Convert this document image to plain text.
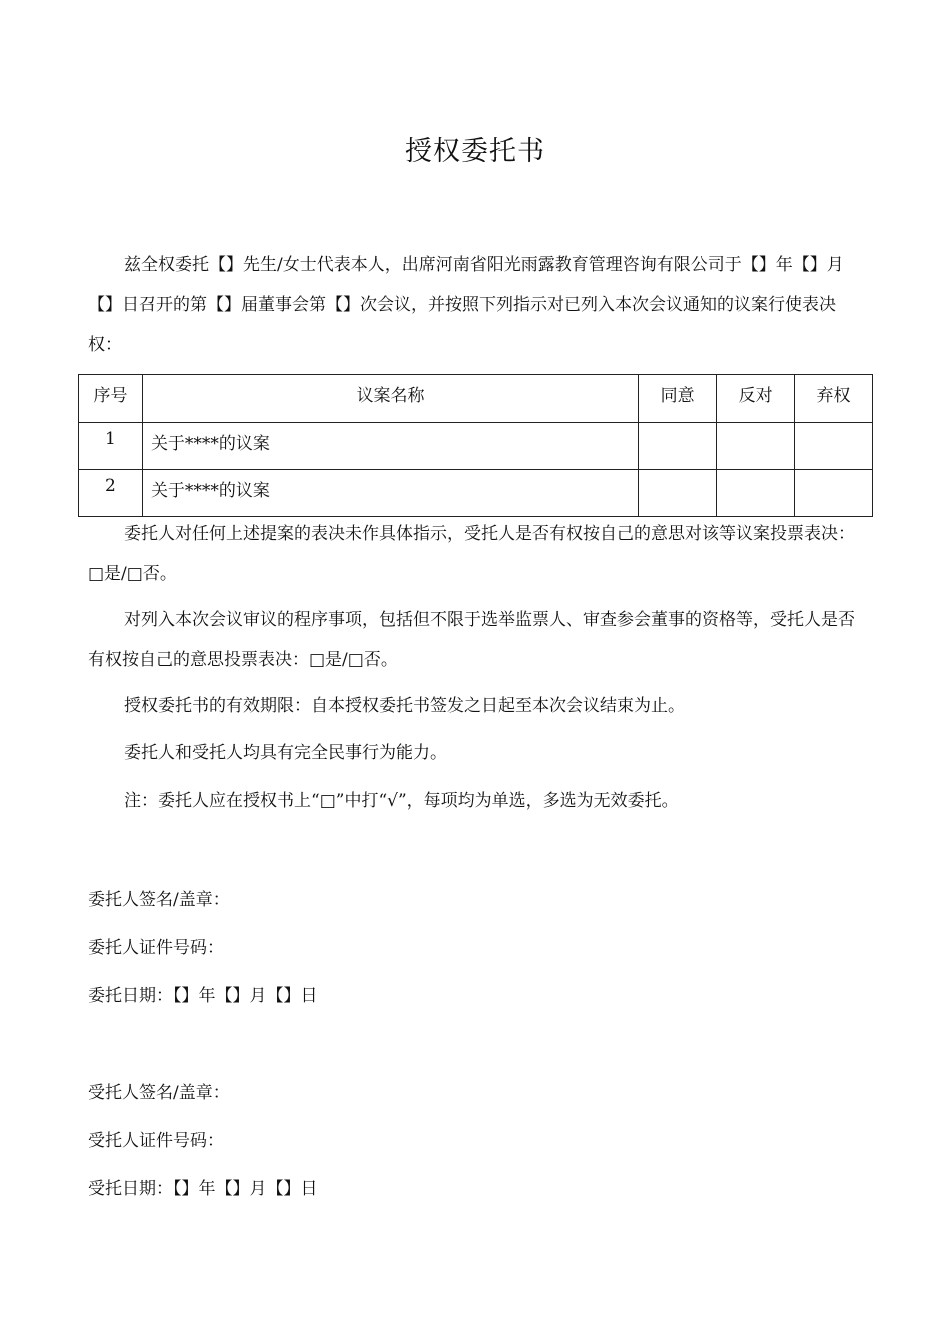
授权委托书

兹全权委托【】先生/女士代表本人，出席河南省阳光雨露教育管理咨询有限公司于【】年【】月【】日召开的第【】届董事会第【】次会议，并按照下列指示对已列入本次会议通知的议案行使表决权：

序号	议案名称	同意	反对	弃权
1	关于****的议案			
2	关于****的议案			

委托人对任何上述提案的表决未作具体指示，受托人是否有权按自己的意思对该等议案投票表决：□是/□否。

对列入本次会议审议的程序事项，包括但不限于选举监票人、审查参会董事的资格等，受托人是否有权按自己的意思投票表决：□是/□否。

授权委托书的有效期限：自本授权委托书签发之日起至本次会议结束为止。

委托人和受托人均具有完全民事行为能力。

注：委托人应在授权书上“□”中打“√”，每项均为单选，多选为无效委托。

委托人签名/盖章：
委托人证件号码：
委托日期：【】年【】月【】日
受托人签名/盖章：
受托人证件号码：
受托日期：【】年【】月【】日
